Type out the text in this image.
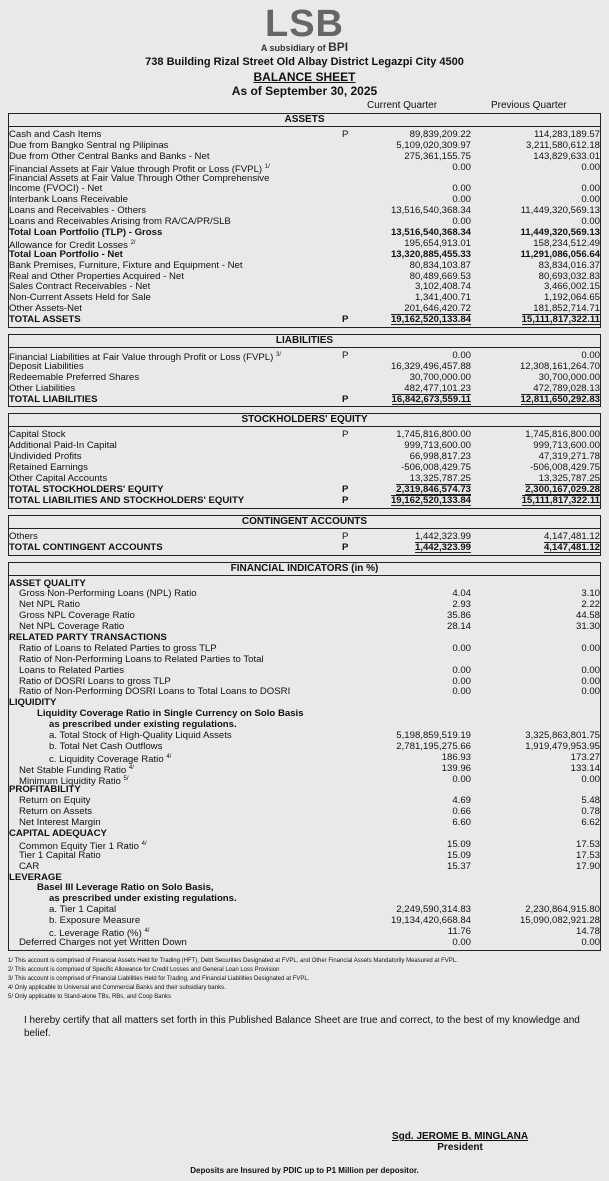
LSB
A subsidiary of BPI
738 Building Rizal Street Old Albay District Legazpi City 4500
BALANCE SHEET
As of September 30, 2025
Current Quarter	Previous Quarter
ASSETS
Cash and Cash Items	P	89,839,209.22	114,283,189.57
Due from Bangko Sentral ng Pilipinas	5,109,020,309.97	3,211,580,612.18
Due from Other Central Banks and Banks - Net	275,361,155.75	143,829,633.01
Financial Assets at Fair Value through Profit or Loss (FVPL) $^{1/}$	0.00	0.00
Financial Assets at Fair Value Through Other Comprehensive
Income (FVOCI) - Net	0.00	0.00
Interbank Loans Receivable	0.00	0.00
Loans and Receivables - Others	13,516,540,368.34	11,449,320,569.13
Loans and Receivables Arising from RA/CA/PR/SLB	0.00	0.00
Total Loan Portfolio (TLP) - Gross	13,516,540,368.34	11,449,320,569.13
Allowance for Credit Losses $^{2/}$	195,654,913.01	158,234,512.49
Total Loan Portfolio - Net	13,320,885,455.33	11,291,086,056.64
Bank Premises, Furniture, Fixture and Equipment - Net	80,834,103.87	83,834,016.37
Real and Other Properties Acquired - Net	80,489,669.53	80,693,032.83
Sales Contract Receivables - Net	3,102,408.74	3,466,002.15
Non-Current Assets Held for Sale	1,341,400.71	1,192,064.65
Other Assets-Net	201,646,420.72	181,852,714.71
TOTAL ASSETS	P	19,162,520,133.84	15,111,817,322.11
LIABILITIES
Financial Liabilities at Fair Value through Profit or Loss (FVPL) $^{3/}$	P	0.00	0.00
Deposit Liabilities	16,329,496,457.88	12,308,161,264.70
Redeemable Preferred Shares	30,700,000.00	30,700,000.00
Other Liabilities	482,477,101.23	472,789,028.13
TOTAL LIABILITIES	P	16,842,673,559.11	12,811,650,292.83
STOCKHOLDERS' EQUITY
Capital Stock	P	1,745,816,800.00	1,745,816,800.00
Additional Paid-In Capital	999,713,600.00	999,713,600.00
Undivided Profits	66,998,817.23	47,319,271.78
Retained Earnings	-506,008,429.75	-506,008,429.75
Other Capital Accounts	13,325,787.25	13,325,787.25
TOTAL STOCKHOLDERS' EQUITY	P	2,319,846,574.73	2,300,167,029.28
TOTAL LIABILITIES AND STOCKHOLDERS' EQUITY	P	19,162,520,133.84	15,111,817,322.11
CONTINGENT ACCOUNTS
Others	P	1,442,323.99	4,147,481.12
TOTAL CONTINGENT ACCOUNTS	P	1,442,323.99	4,147,481.12
FINANCIAL INDICATORS (in %)
ASSET QUALITY
Gross Non-Performing Loans (NPL) Ratio	4.04	3.10
Net NPL Ratio	2.93	2.22
Gross NPL Coverage Ratio	35.86	44.58
Net NPL Coverage Ratio	28.14	31.30
RELATED PARTY TRANSACTIONS
Ratio of Loans to Related Parties to gross TLP	0.00	0.00
Ratio of Non-Performing Loans to Related Parties to Total
Loans to Related Parties	0.00	0.00
Ratio of DOSRI Loans to gross TLP	0.00	0.00
Ratio of Non-Performing DOSRI Loans to Total Loans to DOSRI	0.00	0.00
LIQUIDITY
Liquidity Coverage Ratio in Single Currency on Solo Basis
as prescribed under existing regulations.
a. Total Stock of High-Quality Liquid Assets	5,198,859,519.19	3,325,863,801.75
b. Total Net Cash Outflows	2,781,195,275.66	1,919,479,953.95
c. Liquidity Coverage Ratio $^{4/}$	186.93	173.27
Net Stable Funding Ratio $^{4/}$	139.96	133.14
Minimum Liquidity Ratio $^{5/}$	0.00	0.00
PROFITABILITY
Return on Equity	4.69	5.48
Return on Assets	0.66	0.78
Net Interest Margin	6.60	6.62
CAPITAL ADEQUACY
Common Equity Tier 1 Ratio $^{4/}$	15.09	17.53
Tier 1 Capital Ratio	15.09	17.53
CAR	15.37	17.90
LEVERAGE
Basel III Leverage Ratio on Solo Basis,
as prescribed under existing regulations.
a. Tier 1 Capital	2,249,590,314.83	2,230,864,915.80
b. Exposure Measure	19,134,420,668.84	15,090,082,921.28
c. Leverage Ratio (%) $^{4/}$	11.76	14.78
Deferred Charges not yet Written Down	0.00	0.00
1/ This account is comprised of Financial Assets Held for Trading (HFT), Debt Securities Designated at FVPL, and Other Financial Assets Mandatorily Measured at FVPL.
2/ This account is comprised of Specific Allowance for Credit Losses and General Loan Loss Provision
3/ This account is comprised of Financial Liabilities Held for Trading, and Financial Liabilities Designated at FVPL.
4/ Only applicable to Universal and Commercial Banks and their subsidiary banks.
5/ Only applicable to Stand-alone TBs, RBs, and Coop Banks
I hereby certify that all matters set forth in this Published Balance Sheet are true and correct, to the best of my knowledge and belief.
Sgd. JEROME B. MINGLANA
President
Deposits are Insured by PDIC up to P1 Million per depositor.
